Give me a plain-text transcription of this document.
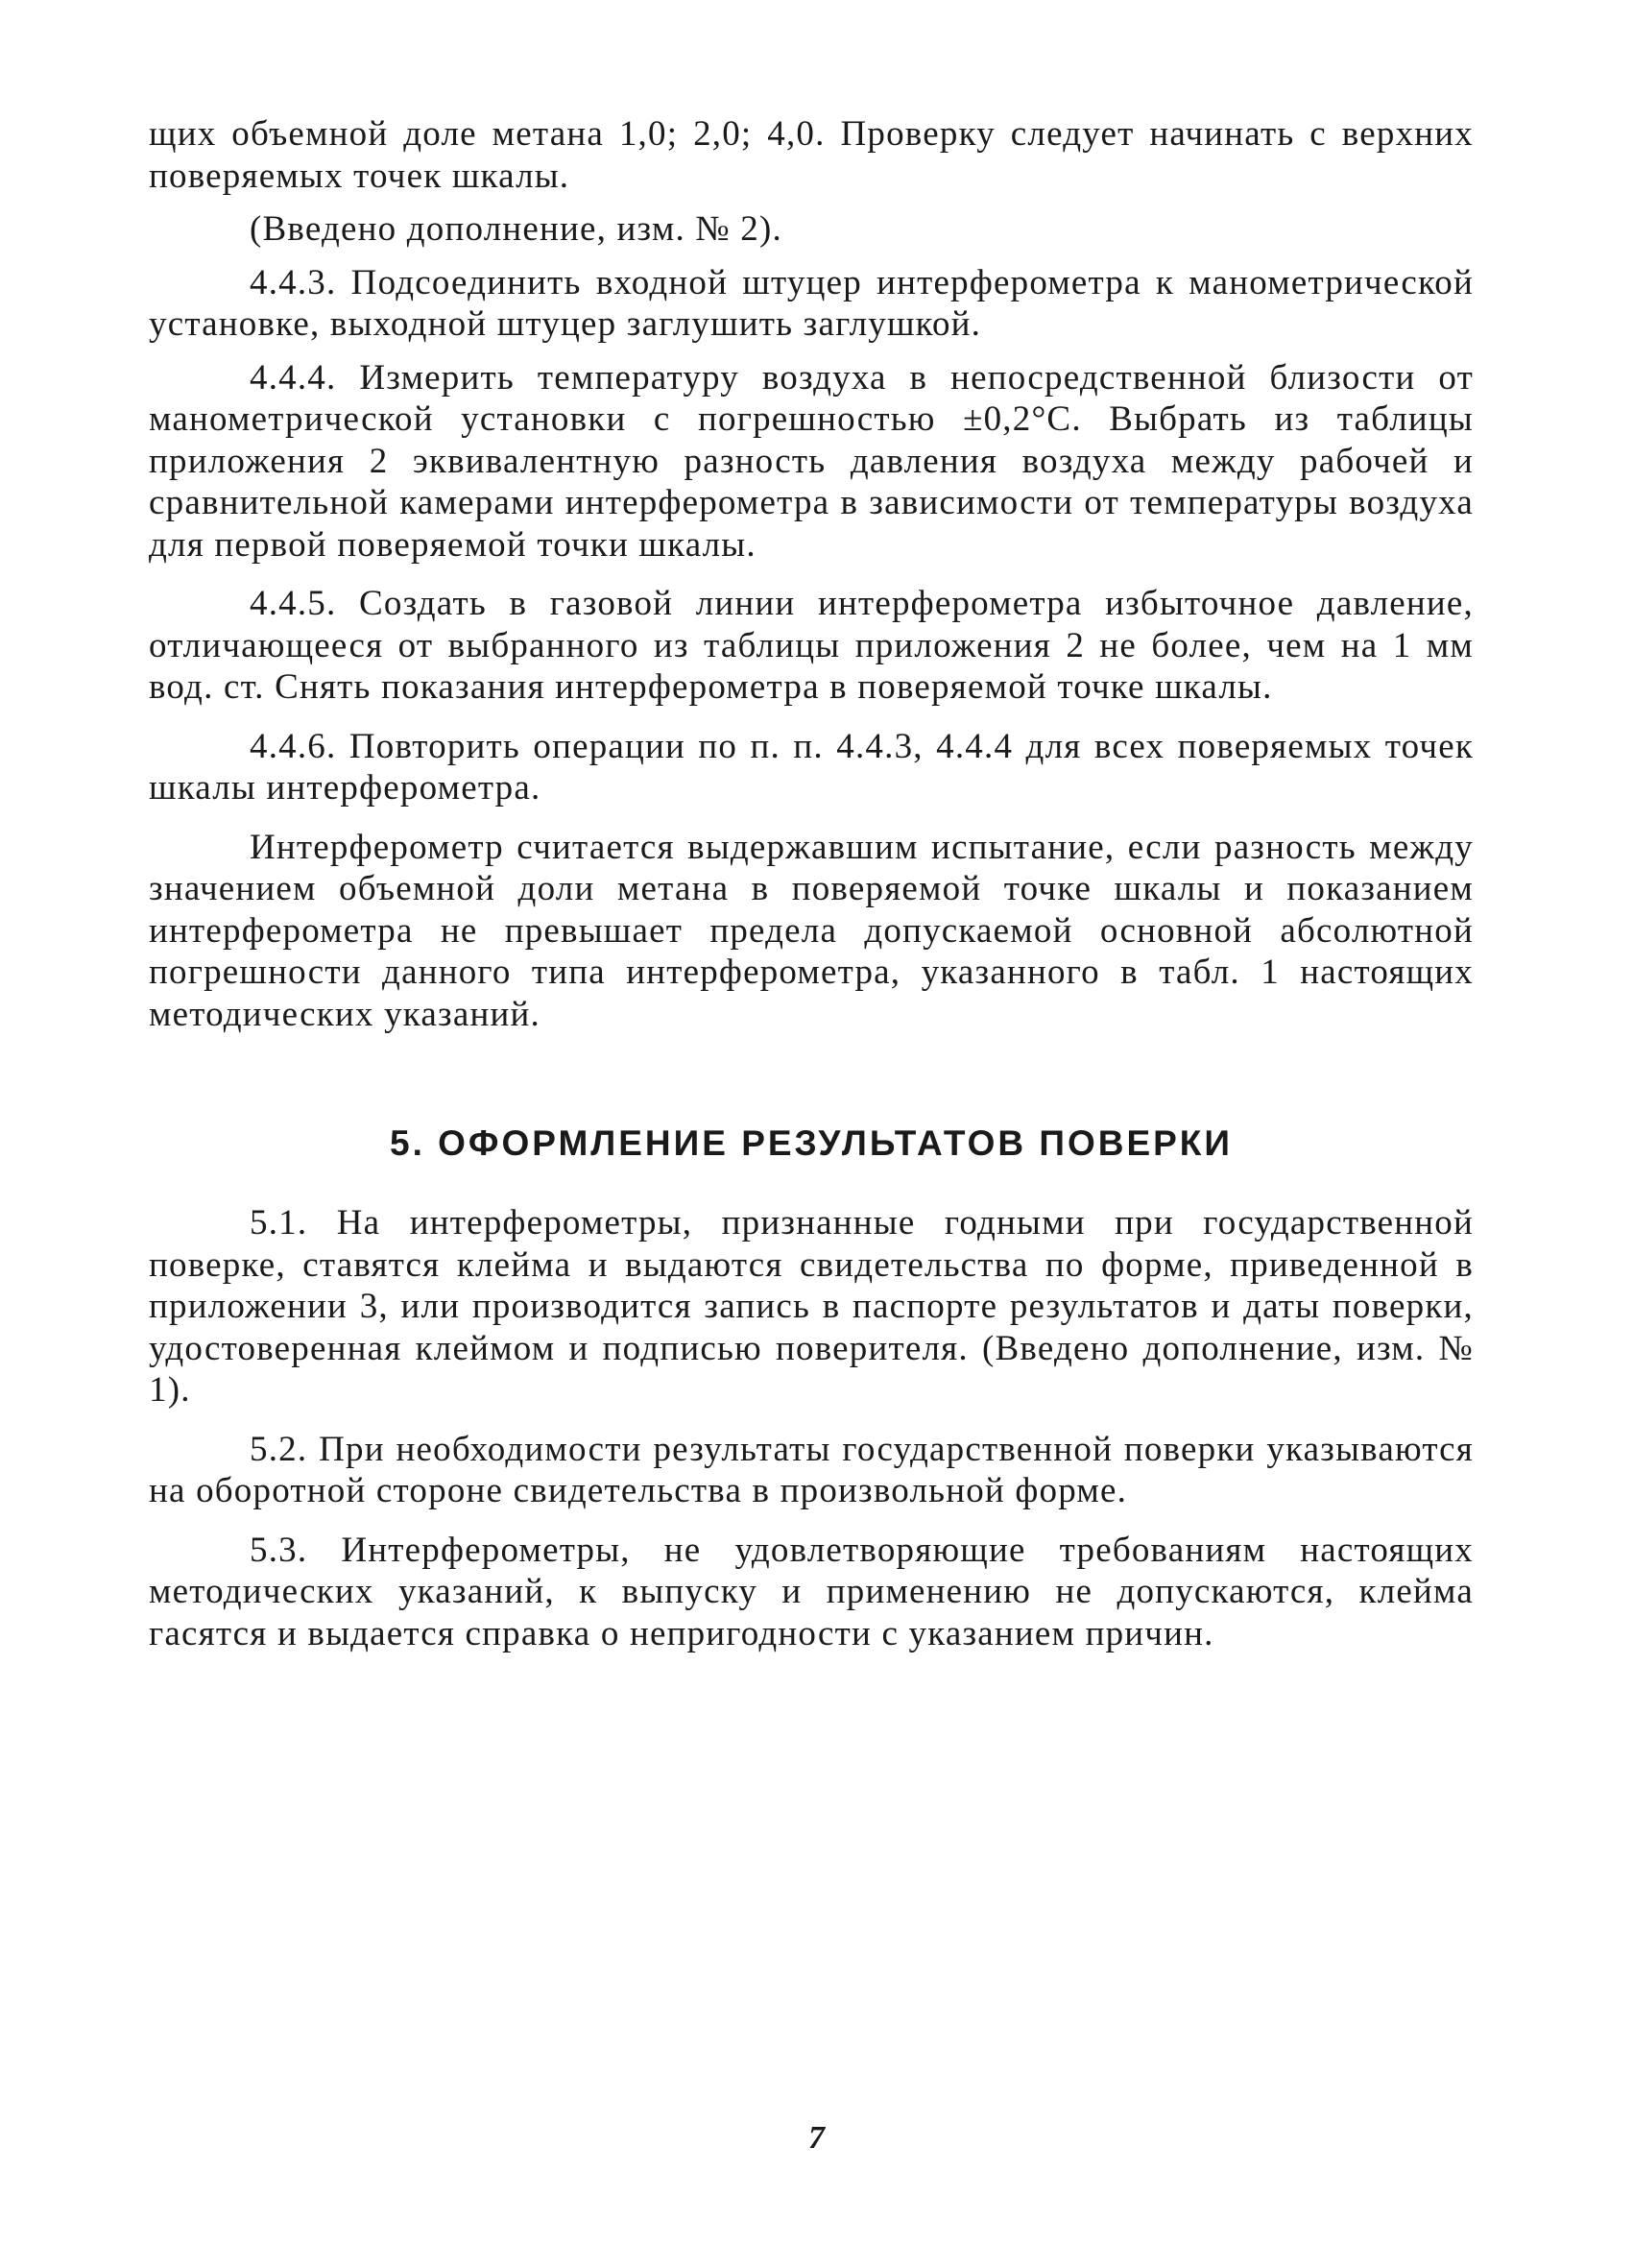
щих объемной доле метана 1,0; 2,0; 4,0. Проверку следует начинать с верхних поверяемых точек шкалы.

(Введено дополнение, изм. № 2).

4.4.3. Подсоединить входной штуцер интерферометра к манометрической установке, выходной штуцер заглушить заглушкой.

4.4.4. Измерить температуру воздуха в непосредственной близости от манометрической установки с погрешностью ±0,2°С. Выбрать из таблицы приложения 2 эквивалентную разность давления воздуха между рабочей и сравнительной камерами интерферометра в зависимости от температуры воздуха для первой поверяемой точки шкалы.

4.4.5. Создать в газовой линии интерферометра избыточное давление, отличающееся от выбранного из таблицы приложения 2 не более, чем на 1 мм вод. ст. Снять показания интерферометра в поверяемой точке шкалы.

4.4.6. Повторить операции по п. п. 4.4.3, 4.4.4 для всех поверяемых точек шкалы интерферометра.

Интерферометр считается выдержавшим испытание, если разность между значением объемной доли метана в поверяемой точке шкалы и показанием интерферометра не превышает предела допускаемой основной абсолютной погрешности данного типа интерферометра, указанного в табл. 1 настоящих методических указаний.

5. ОФОРМЛЕНИЕ РЕЗУЛЬТАТОВ ПОВЕРКИ

5.1. На интерферометры, признанные годными при государственной поверке, ставятся клейма и выдаются свидетельства по форме, приведенной в приложении 3, или производится запись в паспорте результатов и даты поверки, удостоверенная клеймом и подписью поверителя. (Введено дополнение, изм. № 1).

5.2. При необходимости результаты государственной поверки указываются на оборотной стороне свидетельства в произвольной форме.

5.3. Интерферометры, не удовлетворяющие требованиям настоящих методических указаний, к выпуску и применению не допускаются, клейма гасятся и выдается справка о непригодности с указанием причин.

7
